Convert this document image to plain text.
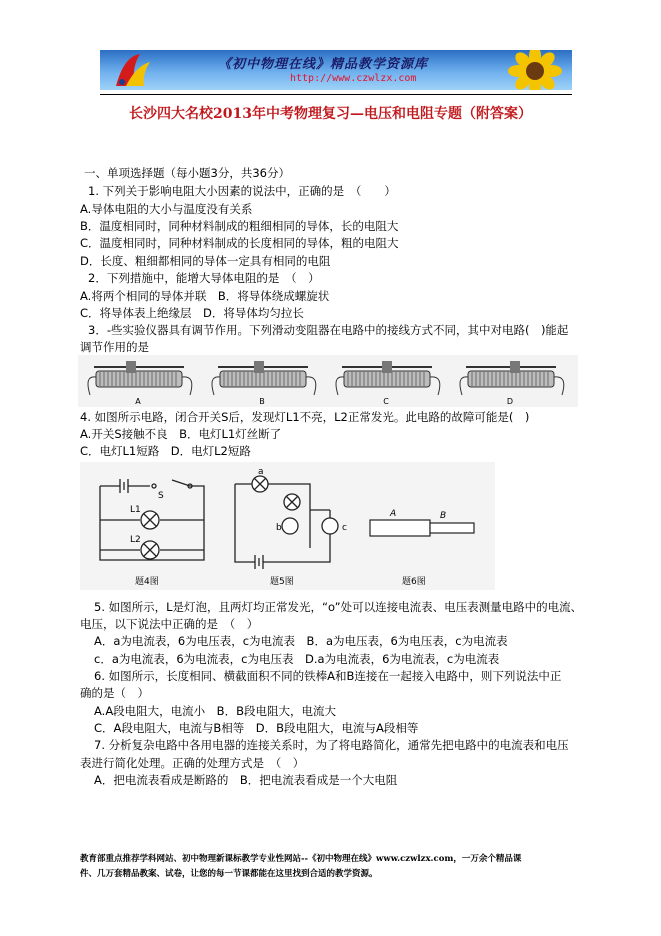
《初中物理在线》精品教学资源库
http://www.czwlzx.com
长沙四大名校2013年中考物理复习—电压和电阻专题（附答案）
一、单项选择题（每小题3分，共36分）
1. 下列关于影响电阻大小因素的说法中，正确的是　（　　）
A.导体电阻的大小与温度没有关系
B．温度相同时，同种材料制成的粗细相同的导体，长的电阻大
C．温度相同时，同种材料制成的长度相同的导体，粗的电阻大
D．长度、粗细都相同的导体一定具有相同的电阻
2．下列措施中，能增大导体电阻的是　（　）
A.将两个相同的导体并联　B．将导体绕成螺旋状
C．将导体表上绝缘层　D．将导体均匀拉长
3．-些实验仪器具有调节作用。下列滑动变阻器在电路中的接线方式不同，其中对电路(　)能起
调节作用的是
A	B	C	D
4. 如图所示电路，闭合开关S后，发现灯L1不亮，L2正常发光。此电路的故障可能是(　)
A.开关S接触不良　B．电灯L1灯丝断了
C．电灯L1短路　D．电灯L2短路
S
L1
L2
题4图
a
b	c
题5图
A	B
题6图
5. 如图所示，L是灯泡，且两灯均正常发光，“o”处可以连接电流表、电压表测量电路中的电流、
电压，以下说法中正确的是　（　）
A．a为电流表，6为电压表，c为电流表　B．a为电压表，6为电压表，c为电流表
c．a为电流表，6为电流表，c为电压表　D.a为电流表，6为电流表，c为电流表
6. 如图所示，长度相同、横截面积不同的铁棒A和B连接在一起接入电路中，则下列说法中正
确的是（　）
A.A段电阻大，电流小　B．B段电阻大，电流大
C．A段电阻大，电流与B相等　D．B段电阻大，电流与A段相等
7. 分析复杂电路中各用电器的连接关系时，为了将电路简化，通常先把电路中的电流表和电压
表进行简化处理。正确的处理方式是　（　）
A．把电流表看成是断路的　B．把电流表看成是一个大电阻
教育部重点推荐学科网站、初中物理新课标教学专业性网站--《初中物理在线》www.czwlzx.com，一万余个精品课
件、几万套精品教案、试卷，让您的每一节课都能在这里找到合适的教学资源。
